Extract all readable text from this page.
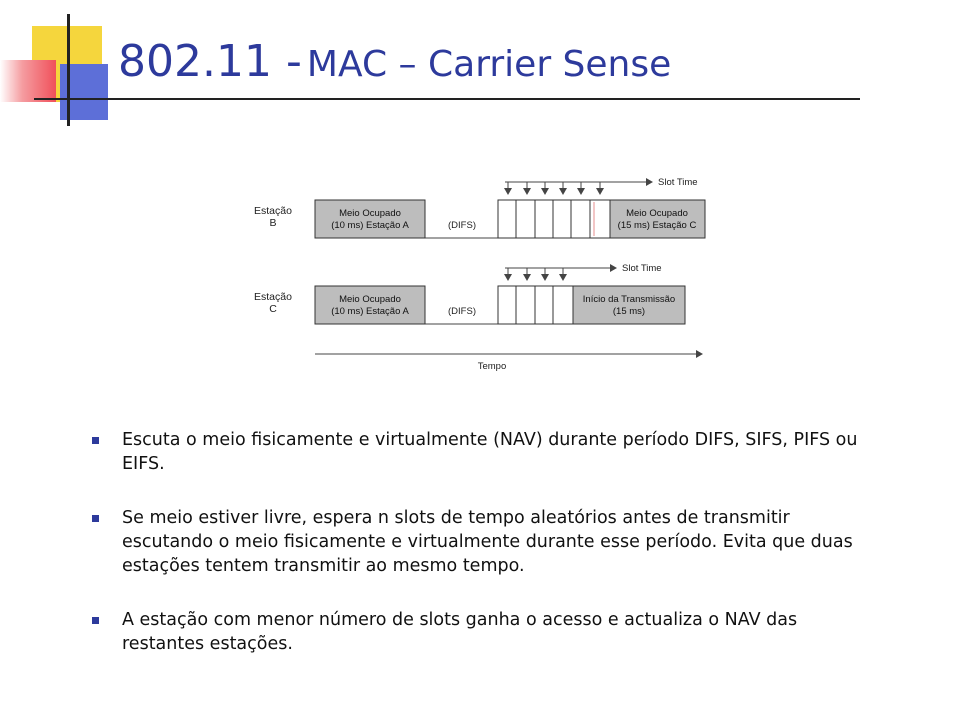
802.11 - MAC – Carrier Sense
Estação
B
Slot Time
Meio Ocupado
(10 ms) Estação A	(DIFS)
Meio Ocupado
(15 ms) Estação C
Estação
C
Slot Time
Meio Ocupado
(10 ms) Estação A	(DIFS)
Início da Transmissão
(15 ms)
Tempo
Escuta o meio fisicamente e virtualmente (NAV) durante período DIFS, SIFS, PIFS ou EIFS.
Se meio estiver livre, espera n slots de tempo aleatórios antes de transmitir escutando o meio fisicamente e virtualmente durante esse período. Evita que duas estações tentem transmitir ao mesmo tempo.
A estação com menor número de slots ganha o acesso e actualiza o NAV das restantes estações.
